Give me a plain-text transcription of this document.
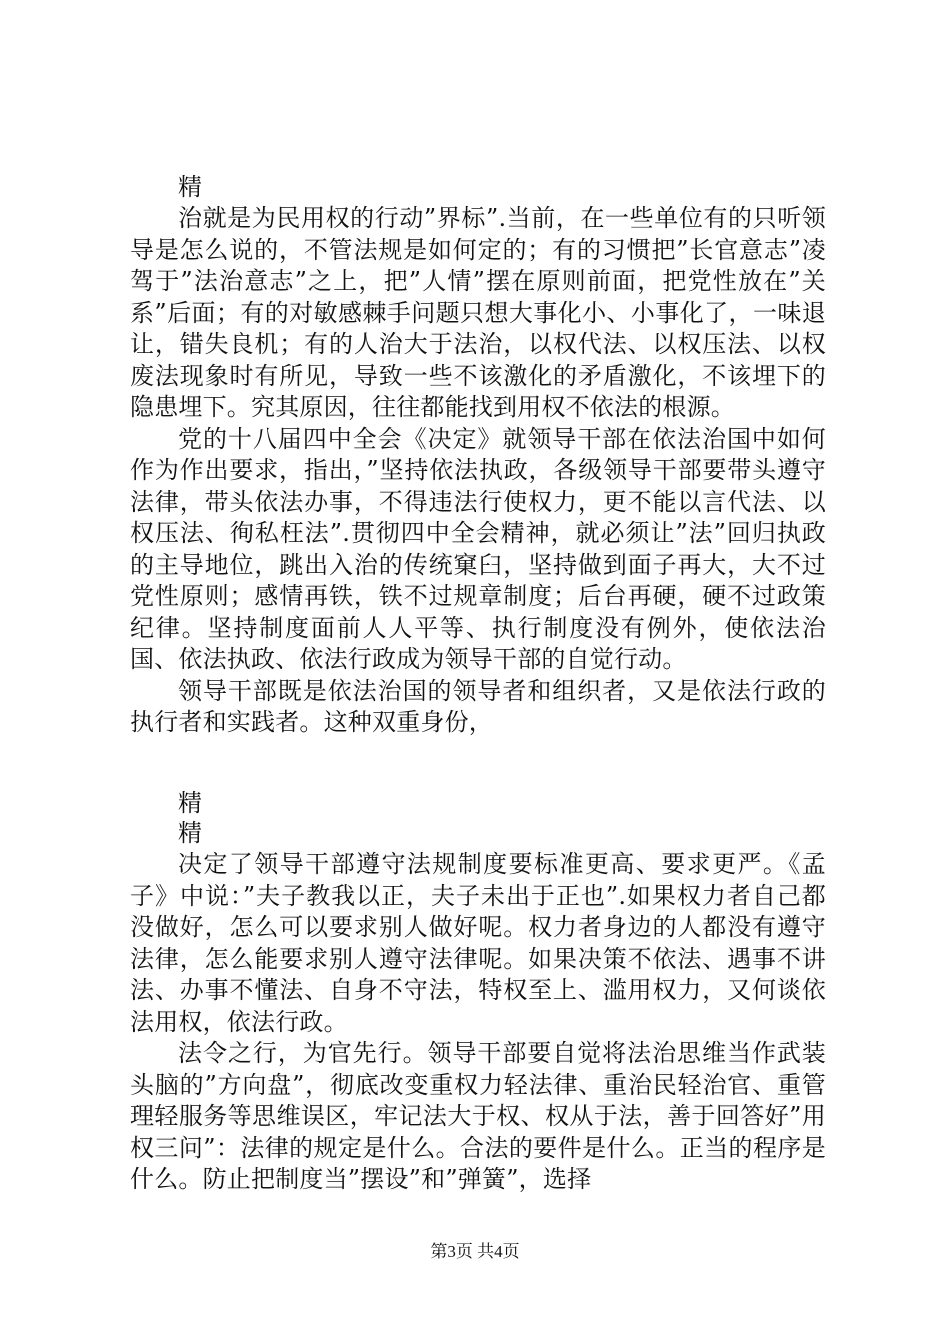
精

治就是为民用权的行动”界标”.当前，在一些单位有的只听领导是怎么说的，不管法规是如何定的；有的习惯把”长官意志”凌驾于”法治意志”之上，把”人情”摆在原则前面，把党性放在”关系”后面；有的对敏感棘手问题只想大事化小、小事化了，一味退让，错失良机；有的人治大于法治，以权代法、以权压法、以权废法现象时有所见，导致一些不该激化的矛盾激化，不该埋下的隐患埋下。究其原因，往往都能找到用权不依法的根源。

党的十八届四中全会《决定》就领导干部在依法治国中如何作为作出要求，指出，”坚持依法执政，各级领导干部要带头遵守法律，带头依法办事，不得违法行使权力，更不能以言代法、以权压法、徇私枉法”.贯彻四中全会精神，就必须让”法”回归执政的主导地位，跳出入治的传统窠臼，坚持做到面子再大，大不过党性原则；感情再铁，铁不过规章制度；后台再硬，硬不过政策纪律。坚持制度面前人人平等、执行制度没有例外，使依法治国、依法执政、依法行政成为领导干部的自觉行动。

领导干部既是依法治国的领导者和组织者，又是依法行政的执行者和实践者。这种双重身份，

精
精

决定了领导干部遵守法规制度要标准更高、要求更严。《孟子》中说：”夫子教我以正，夫子未出于正也”.如果权力者自己都没做好，怎么可以要求别人做好呢。权力者身边的人都没有遵守法律，怎么能要求别人遵守法律呢。如果决策不依法、遇事不讲法、办事不懂法、自身不守法，特权至上、滥用权力，又何谈依法用权，依法行政。

法令之行，为官先行。领导干部要自觉将法治思维当作武装头脑的”方向盘”，彻底改变重权力轻法律、重治民轻治官、重管理轻服务等思维误区，牢记法大于权、权从于法，善于回答好”用权三问”：法律的规定是什么。合法的要件是什么。正当的程序是什么。防止把制度当”摆设”和”弹簧”，选择

第3页 共4页
